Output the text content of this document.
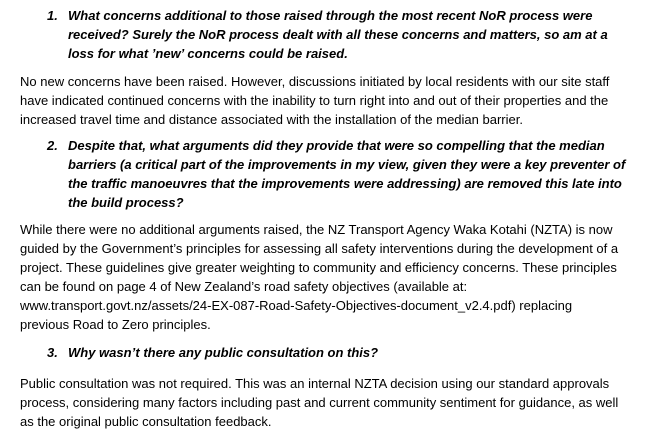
1. What concerns additional to those raised through the most recent NoR process were received? Surely the NoR process dealt with all these concerns and matters, so am at a loss for what ’new’ concerns could be raised.

No new concerns have been raised. However, discussions initiated by local residents with our site staff have indicated continued concerns with the inability to turn right into and out of their properties and the increased travel time and distance associated with the installation of the median barrier.

2. Despite that, what arguments did they provide that were so compelling that the median barriers (a critical part of the improvements in my view, given they were a key preventer of the traffic manoeuvres that the improvements were addressing) are removed this late into the build process?

While there were no additional arguments raised, the NZ Transport Agency Waka Kotahi (NZTA) is now guided by the Government’s principles for assessing all safety interventions during the development of a project. These guidelines give greater weighting to community and efficiency concerns. These principles can be found on page 4 of New Zealand’s road safety objectives (available at: www.transport.govt.nz/assets/24-EX-087-Road-Safety-Objectives-document_v2.4.pdf) replacing previous Road to Zero principles.

3. Why wasn’t there any public consultation on this?

Public consultation was not required. This was an internal NZTA decision using our standard approvals process, considering many factors including past and current community sentiment for guidance, as well as the original public consultation feedback.
